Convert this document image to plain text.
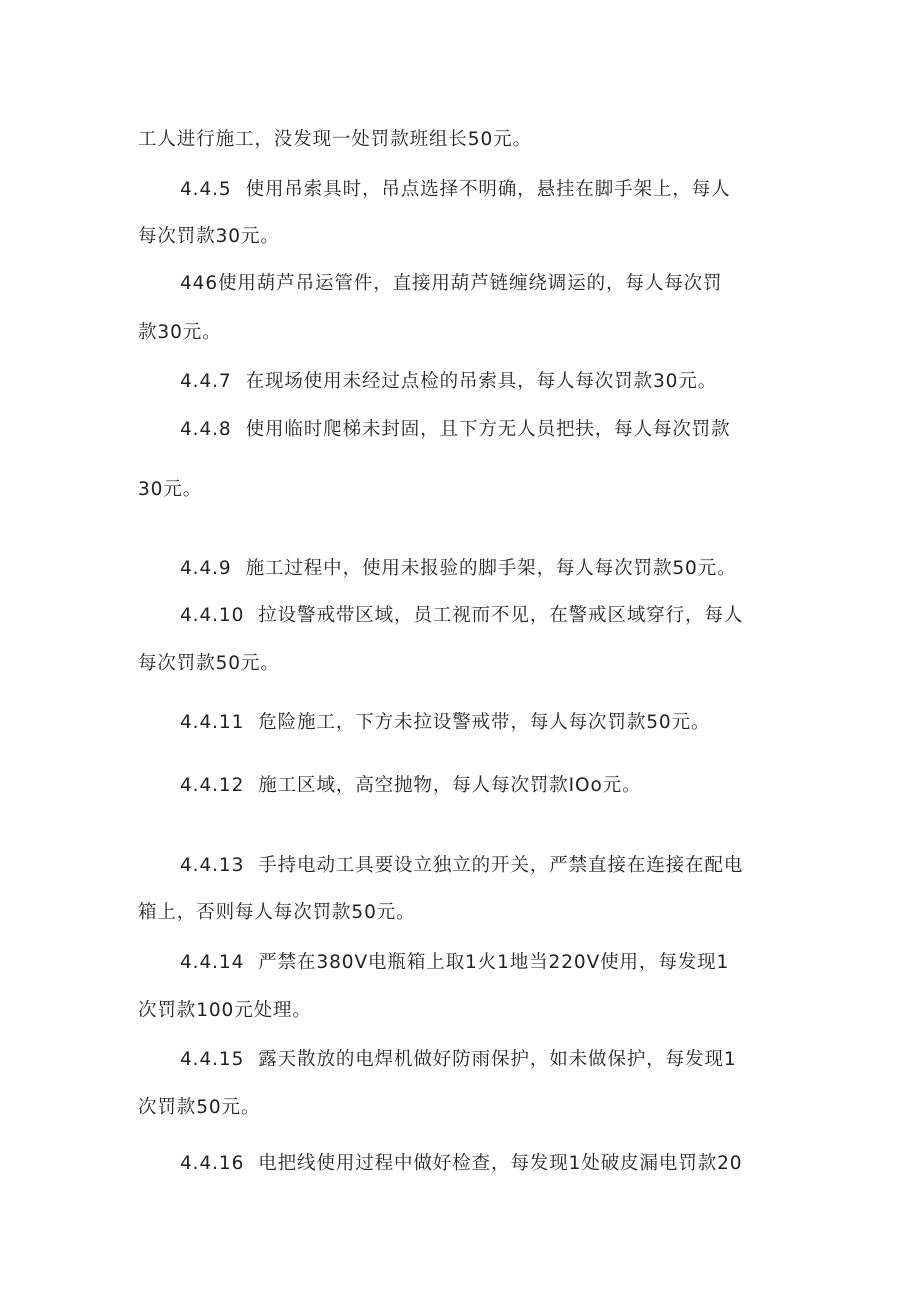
工人进行施工，没发现一处罚款班组长50元。
4.4.5 使用吊索具时，吊点选择不明确，悬挂在脚手架上，每人
每次罚款30元。
446使用葫芦吊运管件，直接用葫芦链缠绕调运的，每人每次罚
款30元。
4.4.7 在现场使用未经过点检的吊索具，每人每次罚款30元。
4.4.8 使用临时爬梯未封固，且下方无人员把扶，每人每次罚款
30元。
4.4.9 施工过程中，使用未报验的脚手架，每人每次罚款50元。
4.4.10 拉设警戒带区域，员工视而不见，在警戒区域穿行，每人
每次罚款50元。
4.4.11 危险施工，下方未拉设警戒带，每人每次罚款50元。
4.4.12 施工区域，高空抛物，每人每次罚款IOo元。
4.4.13 手持电动工具要设立独立的开关，严禁直接在连接在配电
箱上，否则每人每次罚款50元。
4.4.14 严禁在380V电瓶箱上取1火1地当220V使用，每发现1
次罚款100元处理。
4.4.15 露天散放的电焊机做好防雨保护，如未做保护，每发现1
次罚款50元。
4.4.16 电把线使用过程中做好检查，每发现1处破皮漏电罚款20
